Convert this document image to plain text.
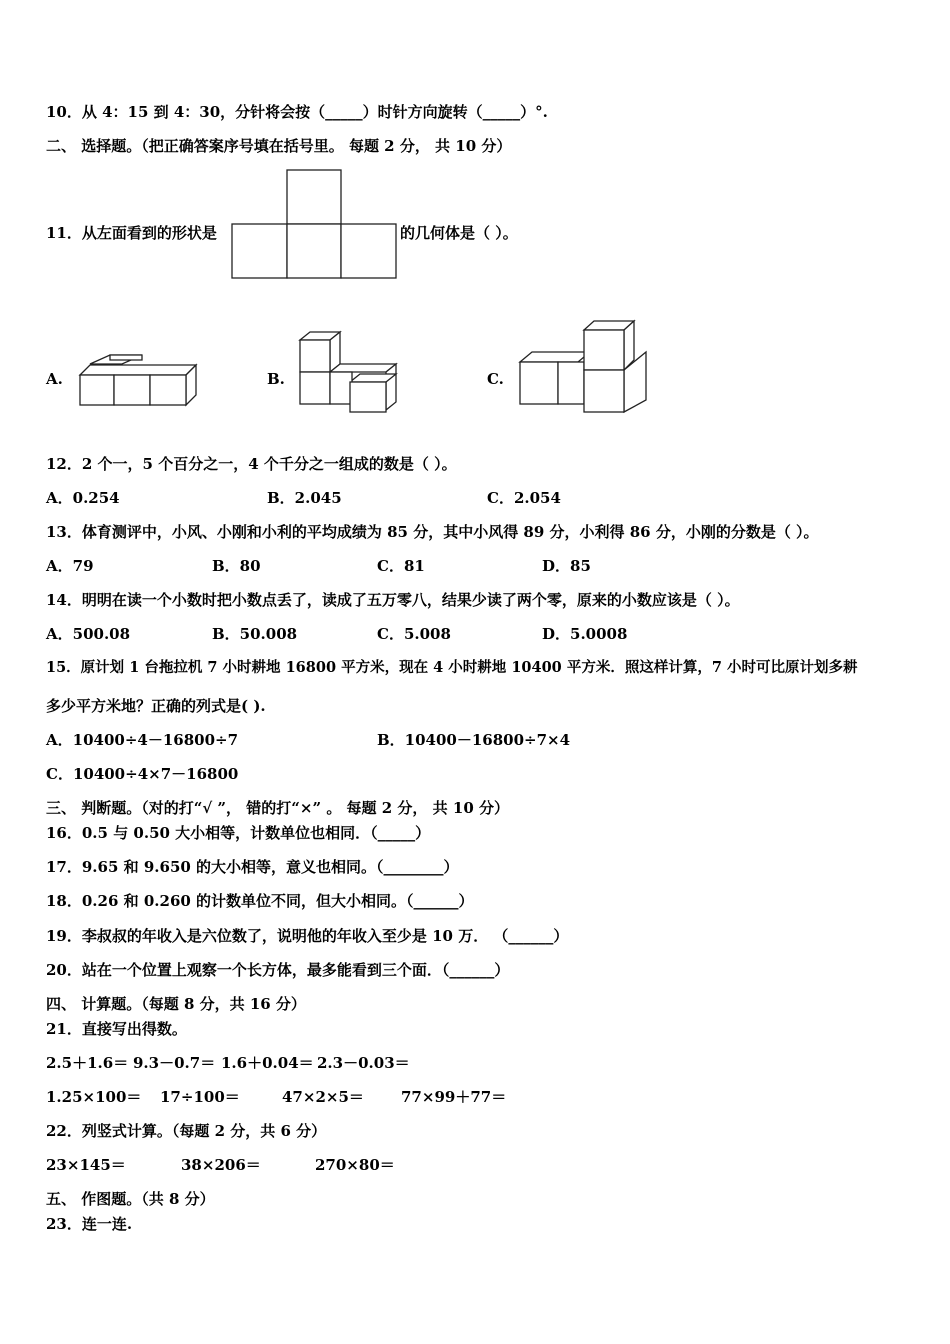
10．从 4：15 到 4：30，分针将会按（_____）时针方向旋转（_____）°.
二、 选择题。（把正确答案序号填在括号里。 每题 2 分， 共 10 分）
11．从左面看到的形状是	的几何体是（ ）。
A.	B.	C.
12．2 个一，5 个百分之一，4 个千分之一组成的数是（ ）。
A．0.254	B．2.045	C．2.054
13．体育测评中，小风、小刚和小利的平均成绩为 85 分，其中小风得 89 分，小利得 86 分，小刚的分数是（ ）。
A．79	B．80	C．81	D．85
14．明明在读一个小数时把小数点丢了，读成了五万零八，结果少读了两个零，原来的小数应该是（ ）。
A．500.08	B．50.008	C．5.008	D．5.0008
15．原计划 1 台拖拉机 7 小时耕地 16800 平方米，现在 4 小时耕地 10400 平方米．照这样计算，7 小时可比原计划多耕
多少平方米地？正确的列式是( ).
A．10400÷4－16800÷7	B．10400－16800÷7×4
C．10400÷4×7－16800
三、 判断题。（对的打“√ ”， 错的打“×” 。 每题 2 分， 共 10 分）
16．0.5 与 0.50 大小相等，计数单位也相同．（_____）
17．9.65 和 9.650 的大小相等，意义也相同。（________）
18．0.26 和 0.260 的计数单位不同，但大小相同。（______）
19．李叔叔的年收入是六位数了，说明他的年收入至少是 10 万． （______）
20．站在一个位置上观察一个长方体，最多能看到三个面．（______）
四、 计算题。（每题 8 分，共 16 分）
21．直接写出得数。
2.5＋1.6＝ 9.3－0.7＝ 1.6＋0.04＝ 2.3－0.03＝
1.25×100＝ 17÷100＝	47×2×5＝ 77×99＋77＝
22．列竖式计算。（每题 2 分，共 6 分）
23×145＝	38×206＝	270×80＝
五、 作图题。（共 8 分）
23．连一连.
